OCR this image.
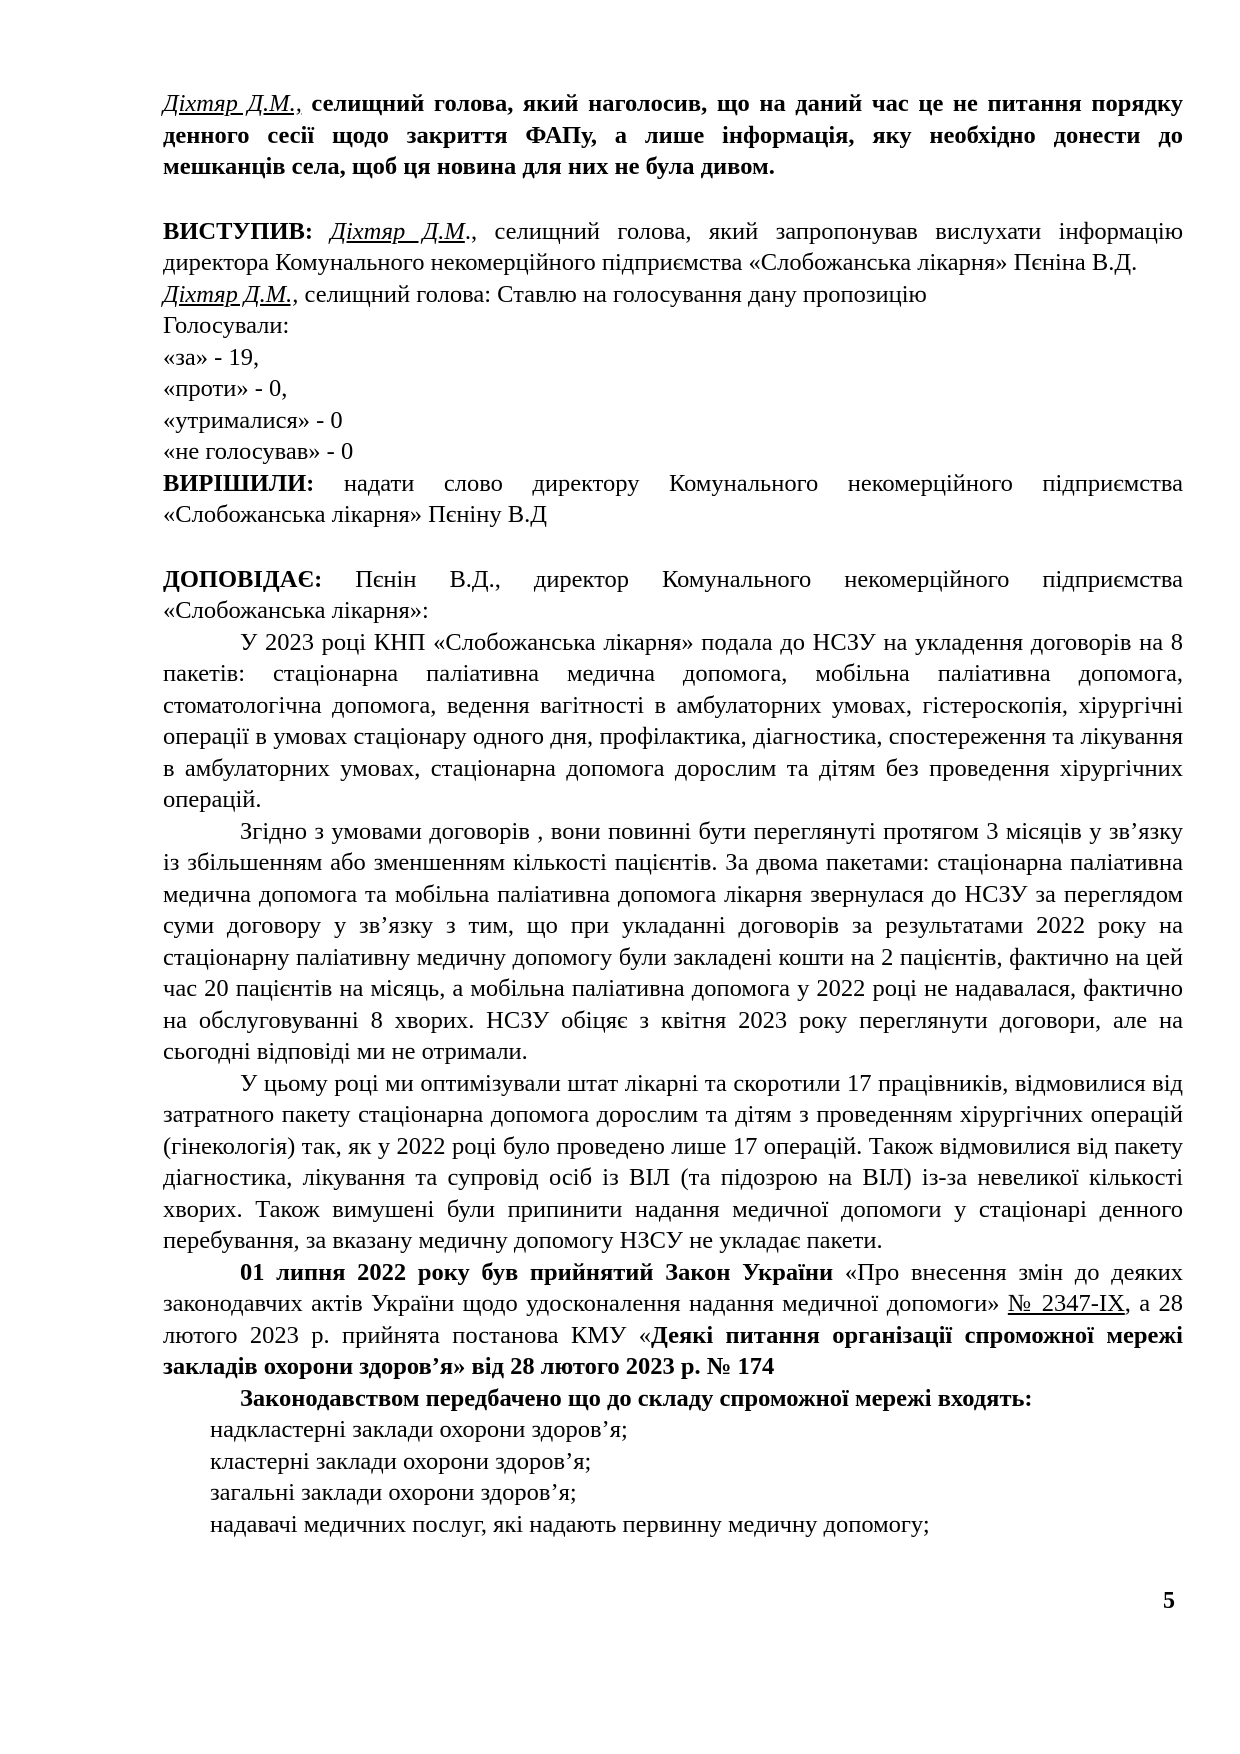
Діхтяр Д.М., селищний голова, який наголосив, що на даний час це не питання порядку денного сесії щодо закриття ФАПу, а лише інформація, яку необхідно донести до мешканців села, щоб ця новина для них не була дивом.

ВИСТУПИВ: Діхтяр Д.М., селищний голова, який запропонував вислухати інформацію директора Комунального некомерційного підприємства «Слобожанська лікарня» Пєніна В.Д.

Діхтяр Д.М., селищний голова: Ставлю на голосування дану пропозицію

Голосували:

«за» - 19,

«проти» - 0,

«утрималися» - 0

«не голосував» - 0

ВИРІШИЛИ: надати слово директору Комунального некомерційного підприємства «Слобожанська лікарня» Пєніну В.Д

ДОПОВІДАЄ: Пєнін В.Д., директор Комунального некомерційного підприємства «Слобожанська лікарня»:

У 2023 році КНП «Слобожанська лікарня» подала до НСЗУ на укладення договорів на 8 пакетів: стаціонарна паліативна медична допомога, мобільна паліативна допомога, стоматологічна допомога, ведення вагітності в амбулаторних умовах, гістероскопія, хірургічні операції в умовах стаціонару одного дня, профілактика, діагностика, спостереження та лікування в амбулаторних умовах, стаціонарна допомога дорослим та дітям без проведення хірургічних операцій.

Згідно з умовами договорів , вони повинні бути переглянуті протягом 3 місяців у зв’язку із збільшенням або зменшенням кількості пацієнтів. За двома пакетами: стаціонарна паліативна медична допомога та мобільна паліативна допомога лікарня звернулася до НСЗУ за переглядом суми договору у зв’язку з тим, що при укладанні договорів за результатами 2022 року на стаціонарну паліативну медичну допомогу були закладені кошти на 2 пацієнтів, фактично на цей час 20 пацієнтів на місяць, а мобільна паліативна допомога у 2022 році не надавалася, фактично на обслуговуванні 8 хворих. НСЗУ обіцяє з квітня 2023 року переглянути договори, але на сьогодні відповіді ми не отримали.

У цьому році ми оптимізували штат лікарні та скоротили 17 працівників, відмовилися від затратного пакету стаціонарна допомога дорослим та дітям з проведенням хірургічних операцій (гінекологія) так, як у 2022 році було проведено лише 17 операцій. Також відмовилися від пакету діагностика, лікування та супровід осіб із ВІЛ (та підозрою на ВІЛ) із-за невеликої кількості хворих. Також вимушені були припинити надання медичної допомоги у стаціонарі денного перебування, за вказану медичну допомогу НЗСУ не укладає пакети.

01 липня 2022 року був прийнятий Закон України «Про внесення змін до деяких законодавчих актів України щодо удосконалення надання медичної допомоги» № 2347-IX, а 28 лютого 2023 р. прийнята постанова КМУ «Деякі питання організації спроможної мережі закладів охорони здоров’я» від 28 лютого 2023 р. № 174

Законодавством передбачено що до складу спроможної мережі входять:

надкластерні заклади охорони здоров’я;
кластерні заклади охорони здоров’я;
загальні заклади охорони здоров’я;
надавачі медичних послуг, які надають первинну медичну допомогу;
5
